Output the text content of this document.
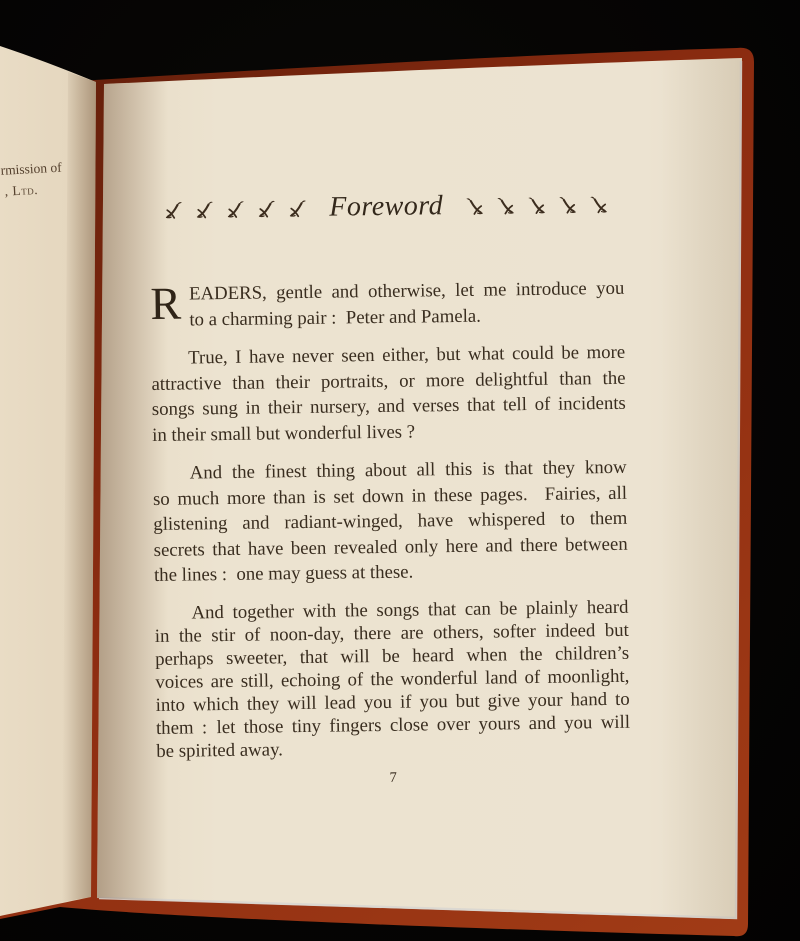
rmission of
, Ltd.	Foreword
R EADERS, gentle and otherwise, let me introduce you
to a charming pair : Peter and Pamela.
True, I have never seen either, but what could be more
attractive than their portraits, or more delightful than the
songs sung in their nursery, and verses that tell of incidents
in their small but wonderful lives ?
And the finest thing about all this is that they know
so much more than is set down in these pages.  Fairies, all
glistening and radiant-winged, have whispered to them
secrets that have been revealed only here and there between
the lines : one may guess at these.
And together with the songs that can be plainly heard
in the stir of noon-day, there are others, softer indeed but
perhaps sweeter, that will be heard when the children’s
voices are still, echoing of the wonderful land of moonlight,
into which they will lead you if you but give your hand to
them : let those tiny fingers close over yours and you will
be spirited away.
7
